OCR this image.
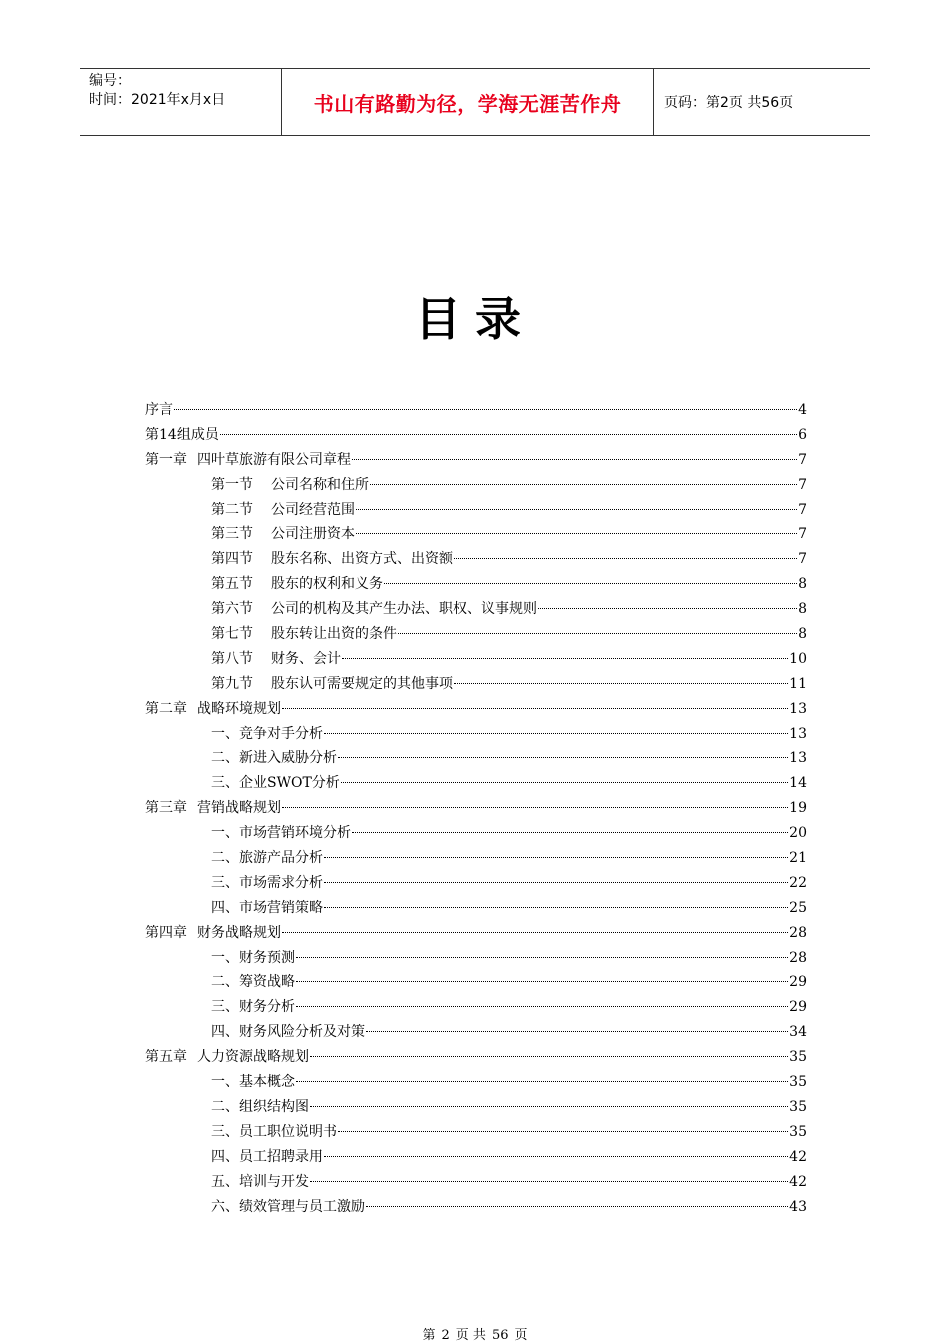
编号：
时间：2021年x月x日	书山有路勤为径，学海无涯苦作舟	页码：第2页 共56页
目录
序言	4
第14组成员	6
第一章 四叶草旅游有限公司章程	7
第一节 公司名称和住所	7
第二节 公司经营范围	7
第三节 公司注册资本	7
第四节 股东名称、出资方式、出资额	7
第五节 股东的权利和义务	8
第六节 公司的机构及其产生办法、职权、议事规则	8
第七节 股东转让出资的条件	8
第八节 财务、会计	10
第九节 股东认可需要规定的其他事项	11
第二章 战略环境规划	13
一、竞争对手分析	13
二、新进入威胁分析	13
三、企业SWOT分析	14
第三章 营销战略规划	19
一、市场营销环境分析	20
二、旅游产品分析	21
三、市场需求分析	22
四、市场营销策略	25
第四章 财务战略规划	28
一、财务预测	28
二、筹资战略	29
三、财务分析	29
四、财务风险分析及对策	34
第五章 人力资源战略规划	35
一、基本概念	35
二、组织结构图	35
三、员工职位说明书	35
四、员工招聘录用	42
五、培训与开发	42
六、绩效管理与员工激励	43
第 2 页 共 56 页
